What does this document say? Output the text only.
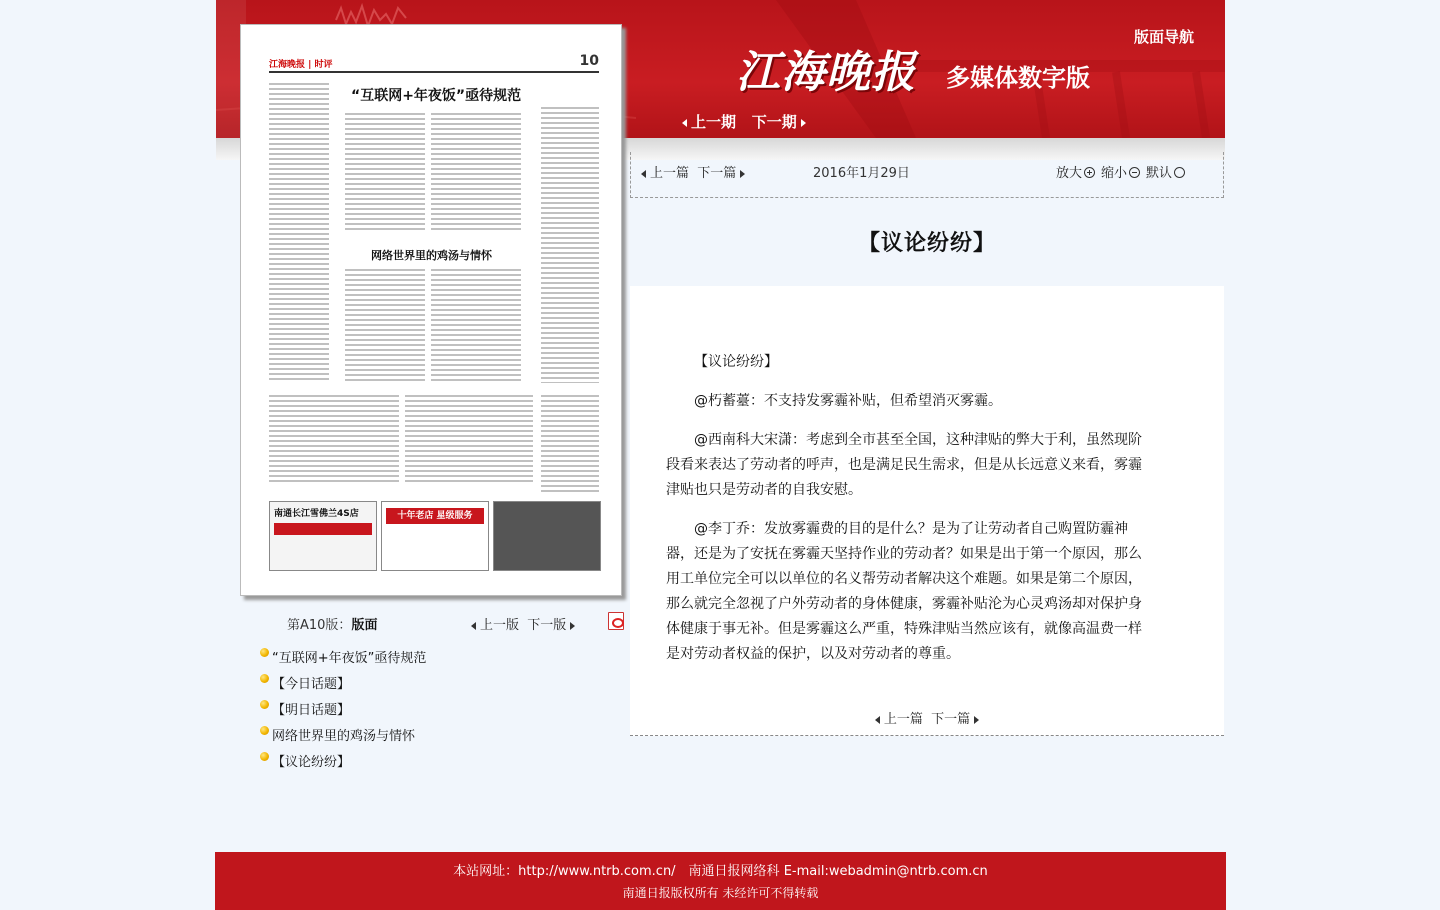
江海晚报 多媒体数字版
版面导航
上一期 下一期
江海晚报 | 时评	10
“互联网+年夜饭”亟待规范
网络世界里的鸡汤与情怀
南通长江雪佛兰4S店	十年老店 星级服务
第A10版：版面	上一版 下一版
“互联网+年夜饭”亟待规范
【今日话题】
【明日话题】
网络世界里的鸡汤与情怀
【议论纷纷】
上一篇 下一篇	2016年1月29日	放大 缩小 默认
【议论纷纷】

【议论纷纷】

@朽蓄薹：不支持发雾霾补贴，但希望消灭雾霾。

@西南科大宋潇：考虑到全市甚至全国，这种津贴的弊大于利，虽然现阶段看来表达了劳动者的呼声，也是满足民生需求，但是从长远意义来看，雾霾津贴也只是劳动者的自我安慰。

@李丁乔：发放雾霾费的目的是什么？是为了让劳动者自己购置防霾神器，还是为了安抚在雾霾天坚持作业的劳动者？如果是出于第一个原因，那么用工单位完全可以以单位的名义帮劳动者解决这个难题。如果是第二个原因，那么就完全忽视了户外劳动者的身体健康，雾霾补贴沦为心灵鸡汤却对保护身体健康于事无补。但是雾霾这么严重，特殊津贴当然应该有，就像高温费一样是对劳动者权益的保护，以及对劳动者的尊重。

上一篇 下一篇
本站网址：http://www.ntrb.com.cn/　南通日报网络科 E-mail:webadmin@ntrb.com.cn
南通日报版权所有 未经许可不得转载
